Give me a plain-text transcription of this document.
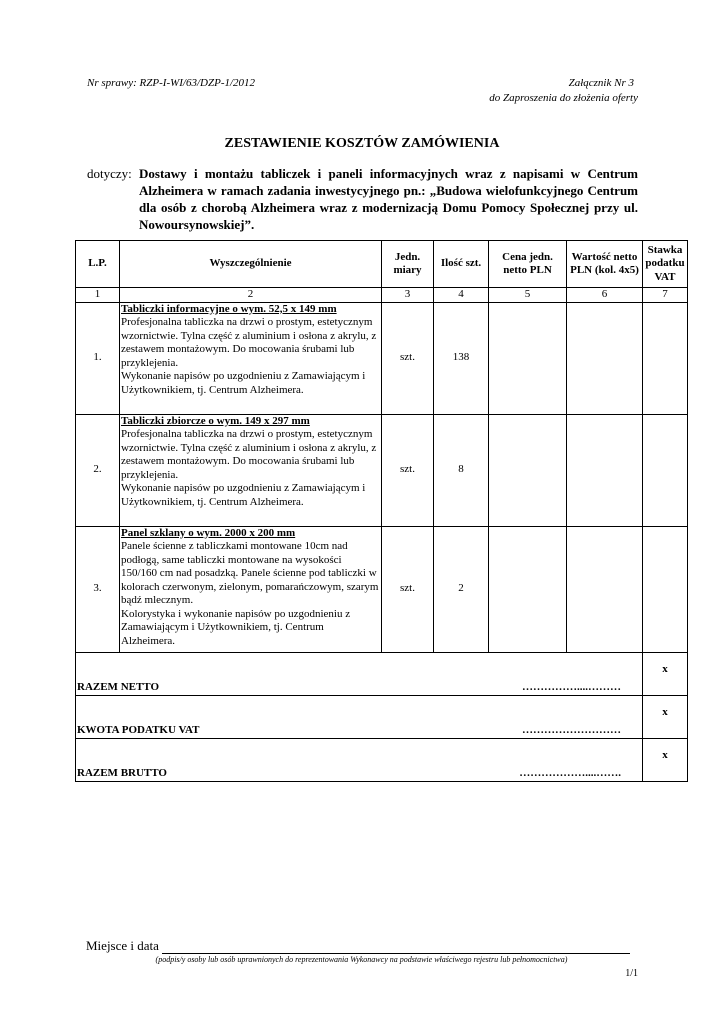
Nr sprawy: RZP-I-WI/63/DZP-1/2012	Załącznik Nr 3
do Zaproszenia do złożenia oferty
ZESTAWIENIE KOSZTÓW ZAMÓWIENIA
dotyczy: Dostawy i montażu tabliczek i paneli informacyjnych wraz z napisami w Centrum Alzheimera w ramach zadania inwestycyjnego pn.: „Budowa wielofunkcyjnego Centrum dla osób z chorobą Alzheimera wraz z modernizacją Domu Pomocy Społecznej przy ul. Nowoursynowskiej”.
L.P.	Wyszczególnienie	Jedn. miary	Ilość szt.	Cena jedn. netto PLN	Wartość netto PLN (kol. 4x5)	Stawka podatku VAT
1	2	3	4	5	6	7
1.	Tabliczki informacyjne o wym. 52,5 x 149 mm
Profesjonalna tabliczka na drzwi o prostym, estetycznym wzornictwie. Tylna część z aluminium i osłona z akrylu, z zestawem montażowym. Do mocowania śrubami lub przyklejenia.
Wykonanie napisów po uzgodnieniu z Zamawiającym i Użytkownikiem, tj. Centrum Alzheimera.	szt.	138			
2.	Tabliczki zbiorcze o wym. 149 x 297 mm
Profesjonalna tabliczka na drzwi o prostym, estetycznym wzornictwie. Tylna część z aluminium i osłona z akrylu, z zestawem montażowym. Do mocowania śrubami lub przyklejenia.
Wykonanie napisów po uzgodnieniu z Zamawiającym i Użytkownikiem, tj. Centrum Alzheimera.	szt.	8			
3.	Panel szklany o wym. 2000 x 200 mm
Panele ścienne z tabliczkami montowane 10cm nad podłogą, same tabliczki montowane na wysokości 150/160 cm nad posadzką. Panele ścienne pod tabliczki w kolorach czerwonym, zielonym, pomarańczowym, szarym bądź mlecznym.
Kolorystyka i wykonanie napisów po uzgodnieniu z Zamawiającym i Użytkownikiem, tj. Centrum Alzheimera.	szt.	2			
RAZEM NETTO ……………....………						x
KWOTA PODATKU VAT ………………………						x
RAZEM BRUTTO ………………....…….						x
Miejsce i data
(podpis/y osoby lub osób uprawnionych do reprezentowania Wykonawcy na podstawie właściwego rejestru lub pełnomocnictwa)
1/1
